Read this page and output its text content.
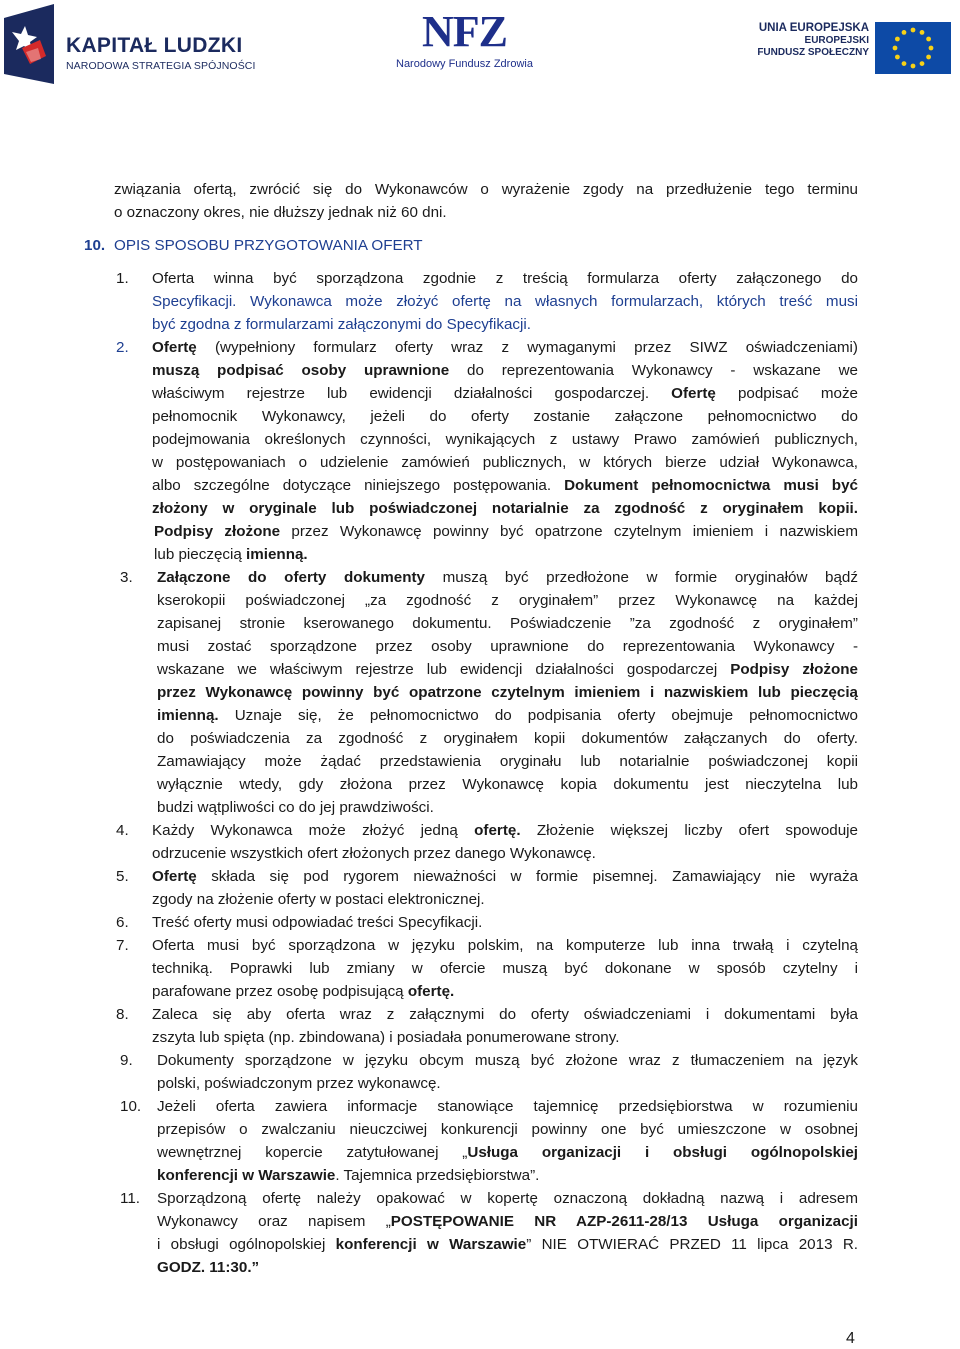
KAPITAŁ LUDZKI
NARODOWA STRATEGIA SPÓJNOŚCI
NFZ
Narodowy Fundusz Zdrowia
UNIA EUROPEJSKA
EUROPEJSKI
FUNDUSZ SPOŁECZNY
związania ofertą, zwrócić się do Wykonawców o wyrażenie zgody na przedłużenie tego terminu
o oznaczony okres, nie dłuższy jednak niż 60 dni.
10. OPIS SPOSOBU PRZYGOTOWANIA OFERT
1. Oferta winna być sporządzona zgodnie z treścią formularza oferty załączonego do
Specyfikacji. Wykonawca może złożyć ofertę na własnych formularzach, których treść musi
być zgodna z formularzami załączonymi do Specyfikacji.
2. Ofertę (wypełniony formularz oferty wraz z wymaganymi przez SIWZ oświadczeniami)
muszą podpisać osoby uprawnione do reprezentowania Wykonawcy - wskazane we
właściwym rejestrze lub ewidencji działalności gospodarczej. Ofertę podpisać może
pełnomocnik Wykonawcy, jeżeli do oferty zostanie załączone pełnomocnictwo do
podejmowania określonych czynności, wynikających z ustawy Prawo zamówień publicznych,
w postępowaniach o udzielenie zamówień publicznych, w których bierze udział Wykonawca,
albo szczególne dotyczące niniejszego postępowania. Dokument pełnomocnictwa musi być
złożony w oryginale lub poświadczonej notarialnie za zgodność z oryginałem kopii.
Podpisy złożone przez Wykonawcę powinny być opatrzone czytelnym imieniem i nazwiskiem
lub pieczęcią imienną.
3. Załączone do oferty dokumenty muszą być przedłożone w formie oryginałów bądź
kserokopii poświadczonej „za zgodność z oryginałem” przez Wykonawcę na każdej
zapisanej stronie kserowanego dokumentu. Poświadczenie ”za zgodność z oryginałem”
musi zostać sporządzone przez osoby uprawnione do reprezentowania Wykonawcy -
wskazane we właściwym rejestrze lub ewidencji działalności gospodarczej Podpisy złożone
przez Wykonawcę powinny być opatrzone czytelnym imieniem i nazwiskiem lub pieczęcią
imienną. Uznaje się, że pełnomocnictwo do podpisania oferty obejmuje pełnomocnictwo
do poświadczenia za zgodność z oryginałem kopii dokumentów załączanych do oferty.
Zamawiający może żądać przedstawienia oryginału lub notarialnie poświadczonej kopii
wyłącznie wtedy, gdy złożona przez Wykonawcę kopia dokumentu jest nieczytelna lub
budzi wątpliwości co do jej prawdziwości.
4. Każdy Wykonawca może złożyć jedną ofertę. Złożenie większej liczby ofert spowoduje
odrzucenie wszystkich ofert złożonych przez danego Wykonawcę.
5. Ofertę składa się pod rygorem nieważności w formie pisemnej. Zamawiający nie wyraża
zgody na złożenie oferty w postaci elektronicznej.
6. Treść oferty musi odpowiadać treści Specyfikacji.
7. Oferta musi być sporządzona w języku polskim, na komputerze lub inna trwałą i czytelną
techniką. Poprawki lub zmiany w ofercie muszą być dokonane w sposób czytelny i
parafowane przez osobę podpisującą ofertę.
8. Zaleca się aby oferta wraz z załącznymi do oferty oświadczeniami i dokumentami była
zszyta lub spięta (np. zbindowana) i posiadała ponumerowane strony.
9. Dokumenty sporządzone w języku obcym muszą być złożone wraz z tłumaczeniem na język
polski, poświadczonym przez wykonawcę.
10. Jeżeli oferta zawiera informacje stanowiące tajemnicę przedsiębiorstwa w rozumieniu
przepisów o zwalczaniu nieuczciwej konkurencji powinny one być umieszczone w osobnej
wewnętrznej kopercie zatytułowanej „Usługa organizacji i obsługi ogólnopolskiej
konferencji w Warszawie. Tajemnica przedsiębiorstwa”.
11. Sporządzoną ofertę należy opakować w kopertę oznaczoną dokładną nazwą i adresem
Wykonawcy oraz napisem „POSTĘPOWANIE NR AZP-2611-28/13 Usługa organizacji
i obsługi ogólnopolskiej konferencji w Warszawie” NIE OTWIERAĆ PRZED 11 lipca 2013 R.
GODZ. 11:30.”
4
